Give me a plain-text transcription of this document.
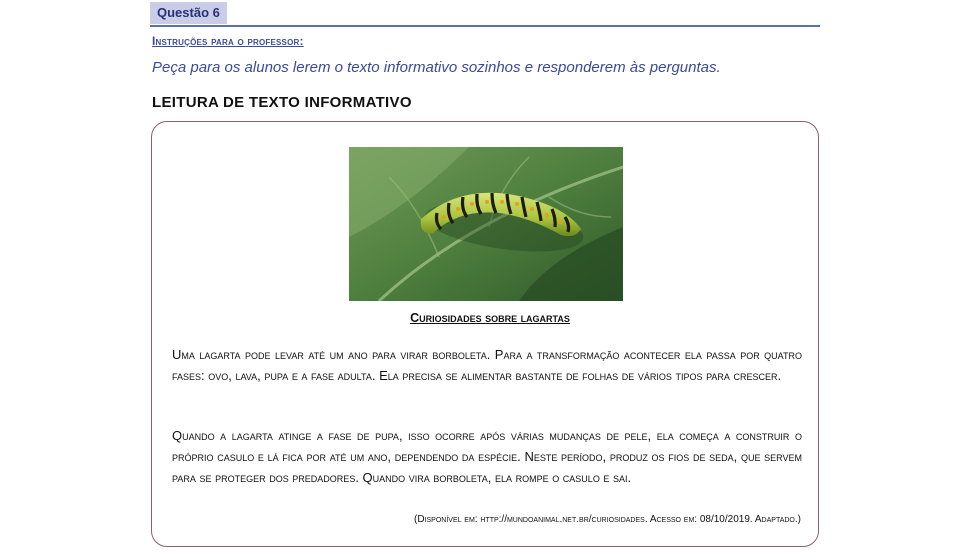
Questão 6
Instruções para o professor:
Peça para os alunos lerem o texto informativo sozinhos e responderem às perguntas.
LEITURA DE TEXTO INFORMATIVO
Curiosidades sobre lagartas

Uma lagarta pode levar até um ano para virar borboleta. Para a transformação acontecer ela passa por quatro fases: ovo, lava, pupa e a fase adulta. Ela precisa se alimentar bastante de folhas de vários tipos para crescer.

Quando a lagarta atinge a fase de pupa, isso ocorre após várias mudanças de pele, ela começa a construir o próprio casulo e lá fica por até um ano, dependendo da espécie. Neste período, produz os fios de seda, que servem para se proteger dos predadores. Quando vira borboleta, ela rompe o casulo e sai.

(Disponível em: http://mundoanimal.net.br/curiosidades. Acesso em: 08/10/2019. Adaptado.)
